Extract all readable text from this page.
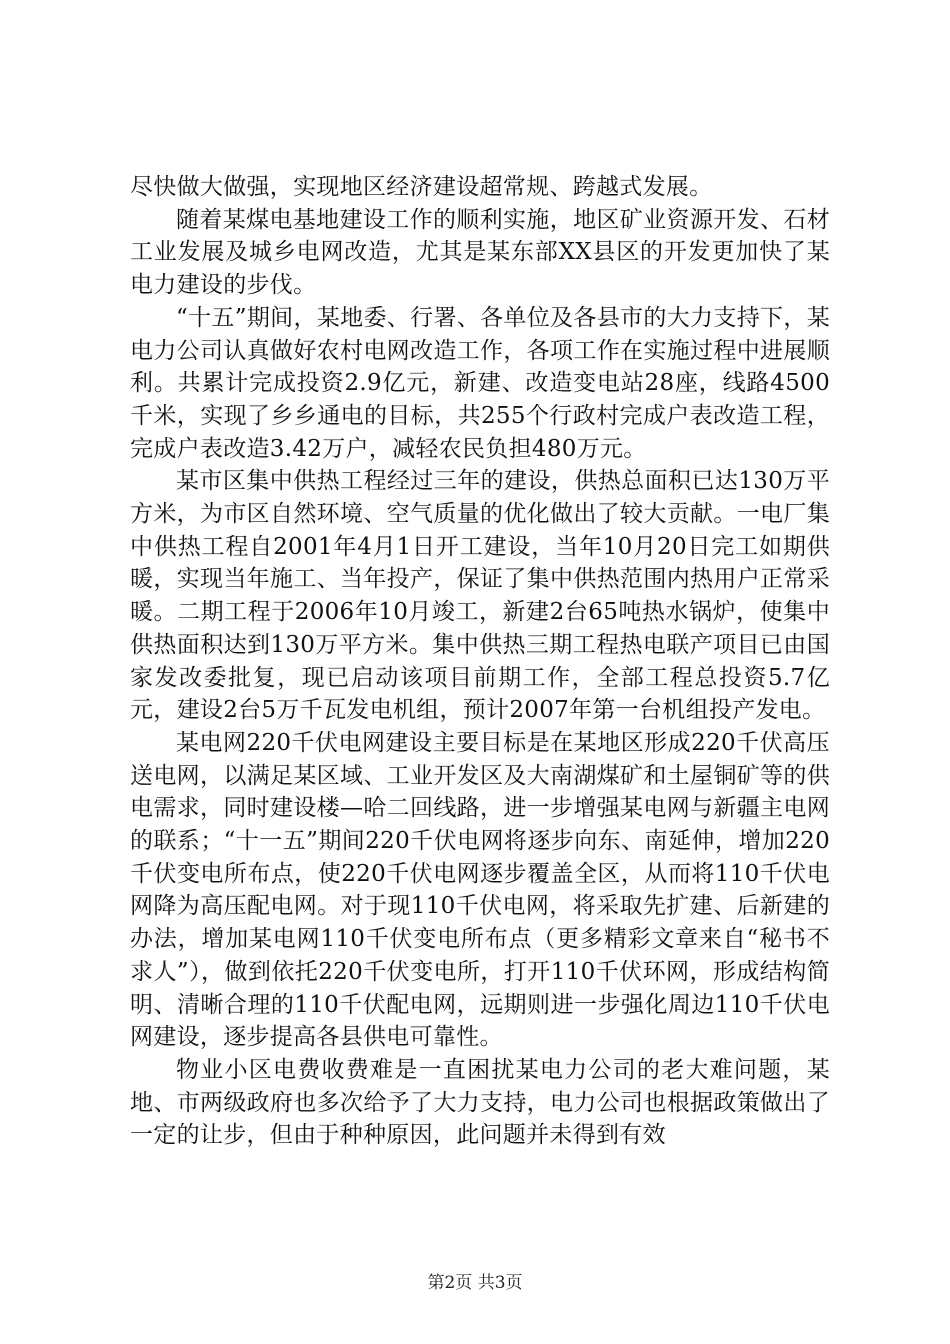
尽快做大做强，实现地区经济建设超常规、跨越式发展。

随着某煤电基地建设工作的顺利实施，地区矿业资源开发、石材工业发展及城乡电网改造，尤其是某东部XX县区的开发更加快了某电力建设的步伐。

“十五”期间，某地委、行署、各单位及各县市的大力支持下，某电力公司认真做好农村电网改造工作，各项工作在实施过程中进展顺利。共累计完成投资2.9亿元，新建、改造变电站28座，线路4500千米，实现了乡乡通电的目标，共255个行政村完成户表改造工程，完成户表改造3.42万户，减轻农民负担480万元。

某市区集中供热工程经过三年的建设，供热总面积已达130万平方米，为市区自然环境、空气质量的优化做出了较大贡献。一电厂集中供热工程自2001年4月1日开工建设，当年10月20日完工如期供暖，实现当年施工、当年投产，保证了集中供热范围内热用户正常采暖。二期工程于2006年10月竣工，新建2台65吨热水锅炉，使集中供热面积达到130万平方米。集中供热三期工程热电联产项目已由国家发改委批复，现已启动该项目前期工作，全部工程总投资5.7亿元，建设2台5万千瓦发电机组，预计2007年第一台机组投产发电。

某电网220千伏电网建设主要目标是在某地区形成220千伏高压送电网，以满足某区域、工业开发区及大南湖煤矿和土屋铜矿等的供电需求，同时建设楼—哈二回线路，进一步增强某电网与新疆主电网的联系；“十一五”期间220千伏电网将逐步向东、南延伸，增加220千伏变电所布点，使220千伏电网逐步覆盖全区，从而将110千伏电网降为高压配电网。对于现110千伏电网，将采取先扩建、后新建的办法，增加某电网110千伏变电所布点（更多精彩文章来自“秘书不求人”），做到依托220千伏变电所，打开110千伏环网，形成结构简明、清晰合理的110千伏配电网，远期则进一步强化周边110千伏电网建设，逐步提高各县供电可靠性。

物业小区电费收费难是一直困扰某电力公司的老大难问题，某地、市两级政府也多次给予了大力支持，电力公司也根据政策做出了一定的让步，但由于种种原因，此问题并未得到有效

第2页 共3页
